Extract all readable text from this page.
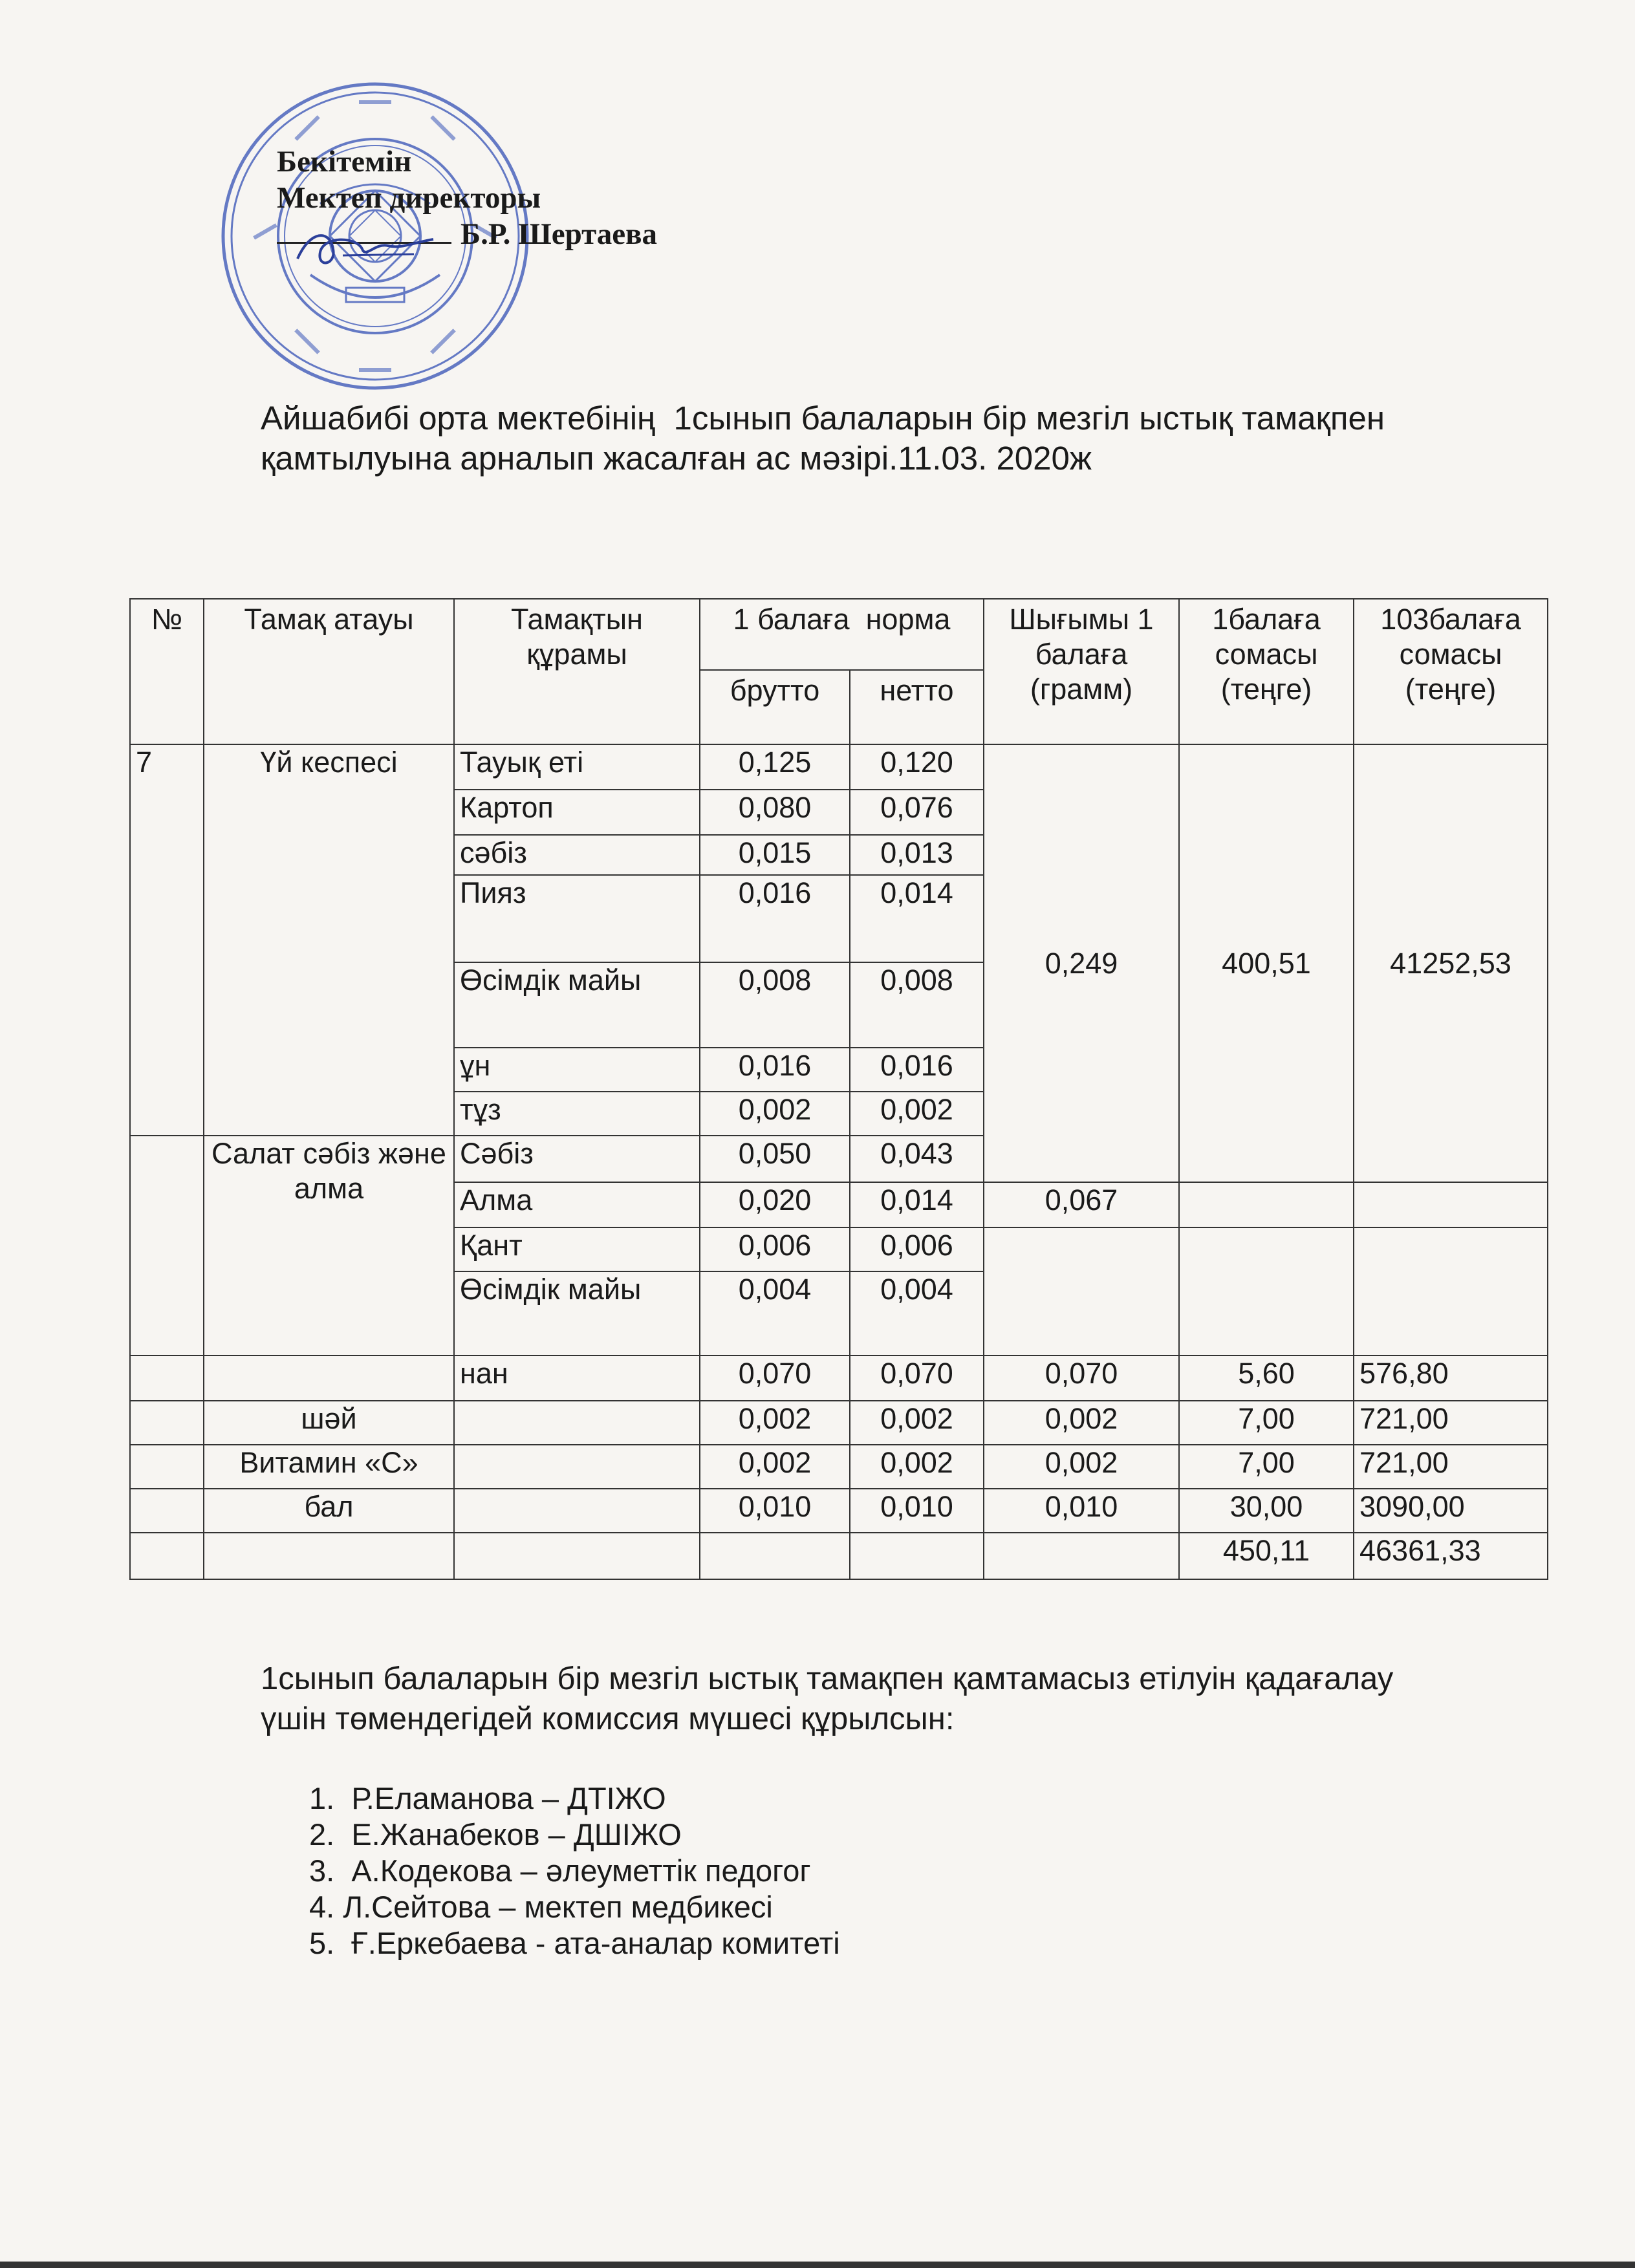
Бекітемін
Мектеп директоры
Б.Р. Шертаева
Айшабибі орта мектебінің  1сынып балаларын бір мезгіл ыстық тамақпен
қамтылуына арналып жасалған ас мәзірі.11.03. 2020ж
№	Тамақ атауы	Тамақтын құрамы	1 балаға  норма		Шығымы 1 балаға (грамм)	1балаға сомасы (теңге)	103балаға сомасы (теңге)
			брутто	нетто			
7	Үй кеспесі	Тауық еті	0,125	0,120	0,249	400,51	41252,53
		Картоп	0,080	0,076			
		сәбіз	0,015	0,013			
		Пияз	0,016	0,014			
		Өсімдік майы	0,008	0,008			
		ұн	0,016	0,016			
		тұз	0,002	0,002			
	Салат сәбіз және алма	Сәбіз	0,050	0,043			
		Алма	0,020	0,014	0,067		
		Қант	0,006	0,006			
		Өсімдік майы	0,004	0,004			
		нан	0,070	0,070	0,070	5,60	576,80
	шәй		0,002	0,002	0,002	7,00	721,00
	Витамин «С»		0,002	0,002	0,002	7,00	721,00
	бал		0,010	0,010	0,010	30,00	3090,00
						450,11	46361,33
1сынып балаларын бір мезгіл ыстық тамақпен қамтамасыз етілуін қадағалау
үшін төмендегідей комиссия мүшесі құрылсын:
1.  Р.Еламанова – ДТІЖО
2.  Е.Жанабеков – ДШІЖО
3.  А.Кодекова – әлеуметтік педогог
4. Л.Сейтова – мектеп медбикесі
5.  Ғ.Еркебаева - ата-аналар комитеті
